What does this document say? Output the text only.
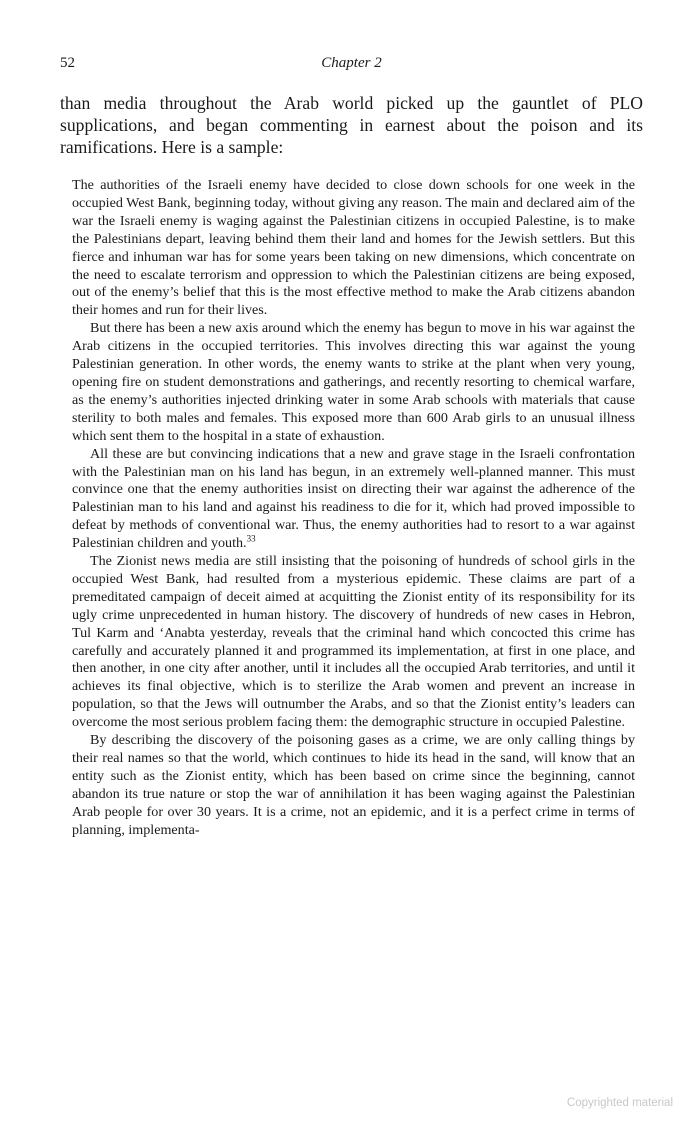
52	Chapter 2

than media throughout the Arab world picked up the gauntlet of PLO supplications, and began commenting in earnest about the poison and its ramifications. Here is a sample:

The authorities of the Israeli enemy have decided to close down schools for one week in the occupied West Bank, beginning today, without giving any reason. The main and declared aim of the war the Israeli enemy is waging against the Palestinian citizens in occupied Palestine, is to make the Palestinians depart, leaving behind them their land and homes for the Jewish settlers. But this fierce and inhuman war has for some years been taking on new dimensions, which concentrate on the need to escalate terrorism and oppression to which the Palestinian citizens are being exposed, out of the enemy’s belief that this is the most effective method to make the Arab citizens abandon their homes and run for their lives.

But there has been a new axis around which the enemy has begun to move in his war against the Arab citizens in the occupied territories. This involves directing this war against the young Palestinian generation. In other words, the enemy wants to strike at the plant when very young, opening fire on student demonstrations and gatherings, and recently resorting to chemical warfare, as the enemy’s authorities injected drinking water in some Arab schools with materials that cause sterility to both males and females. This exposed more than 600 Arab girls to an unusual illness which sent them to the hospital in a state of exhaustion.

All these are but convincing indications that a new and grave stage in the Israeli confrontation with the Palestinian man on his land has begun, in an extremely well-planned manner. This must convince one that the enemy authorities insist on directing their war against the adherence of the Palestinian man to his land and against his readiness to die for it, which had proved impossible to defeat by methods of conventional war. Thus, the enemy authorities had to resort to a war against Palestinian children and youth.$^{33}$

The Zionist news media are still insisting that the poisoning of hundreds of school girls in the occupied West Bank, had resulted from a mysterious epidemic. These claims are part of a premeditated campaign of deceit aimed at acquitting the Zionist entity of its responsibility for its ugly crime unprecedented in human history. The discovery of hundreds of new cases in Hebron, Tul Karm and ‘Anabta yesterday, reveals that the criminal hand which concocted this crime has carefully and accurately planned it and programmed its implementation, at first in one place, and then another, in one city after another, until it includes all the occupied Arab territories, and until it achieves its final objective, which is to sterilize the Arab women and prevent an increase in population, so that the Jews will outnumber the Arabs, and so that the Zionist entity’s leaders can overcome the most serious problem facing them: the demographic structure in occupied Palestine.

By describing the discovery of the poisoning gases as a crime, we are only calling things by their real names so that the world, which continues to hide its head in the sand, will know that an entity such as the Zionist entity, which has been based on crime since the beginning, cannot abandon its true nature or stop the war of annihilation it has been waging against the Palestinian Arab people for over 30 years. It is a crime, not an epidemic, and it is a perfect crime in terms of planning, implementa-

Copyrighted material
